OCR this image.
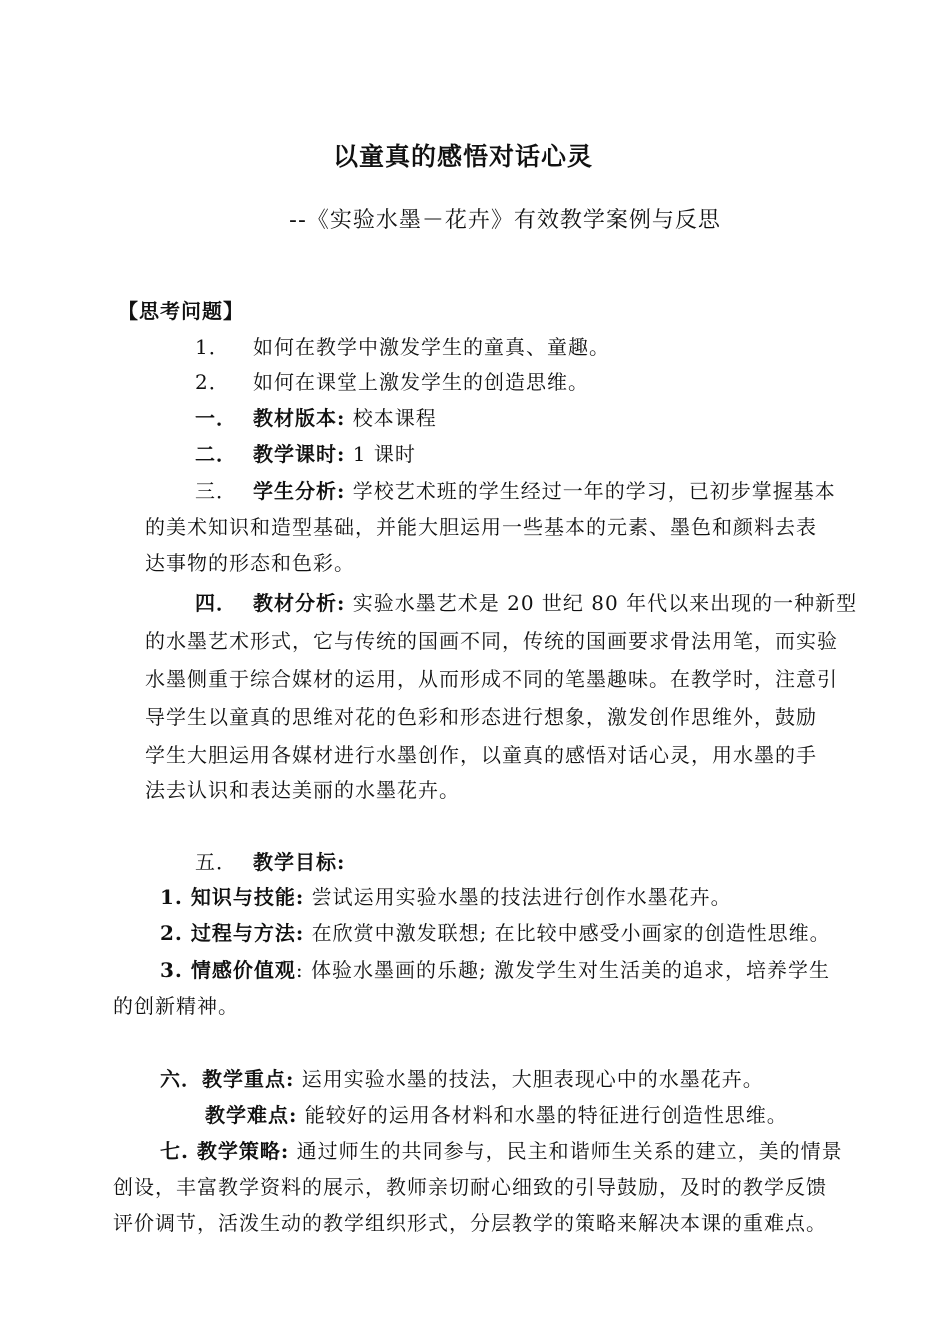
以童真的感悟对话心灵
--《实验水墨－花卉》有效教学案例与反思
【思考问题】
1． 如何在教学中激发学生的童真、童趣。
2． 如何在课堂上激发学生的创造思维。
一． 教材版本: 校本课程
二． 教学课时: 1 课时
三． 学生分析: 学校艺术班的学生经过一年的学习，已初步掌握基本
的美术知识和造型基础，并能大胆运用一些基本的元素、墨色和颜料去表
达事物的形态和色彩。
四． 教材分析: 实验水墨艺术是 20 世纪 80 年代以来出现的一种新型
的水墨艺术形式，它与传统的国画不同，传统的国画要求骨法用笔，而实验
水墨侧重于综合媒材的运用，从而形成不同的笔墨趣味。在教学时，注意引
导学生以童真的思维对花的色彩和形态进行想象，激发创作思维外，鼓励
学生大胆运用各媒材进行水墨创作，以童真的感悟对话心灵，用水墨的手
法去认识和表达美丽的水墨花卉。
五． 教学目标:
1. 知识与技能: 尝试运用实验水墨的技法进行创作水墨花卉。
2. 过程与方法: 在欣赏中激发联想; 在比较中感受小画家的创造性思维。
3. 情感价值观: 体验水墨画的乐趣; 激发学生对生活美的追求，培养学生
的创新精神。
六．教学重点: 运用实验水墨的技法，大胆表现心中的水墨花卉。
教学难点: 能较好的运用各材料和水墨的特征进行创造性思维。
七. 教学策略: 通过师生的共同参与，民主和谐师生关系的建立，美的情景
创设，丰富教学资料的展示，教师亲切耐心细致的引导鼓励，及时的教学反馈
评价调节，活泼生动的教学组织形式，分层教学的策略来解决本课的重难点。
